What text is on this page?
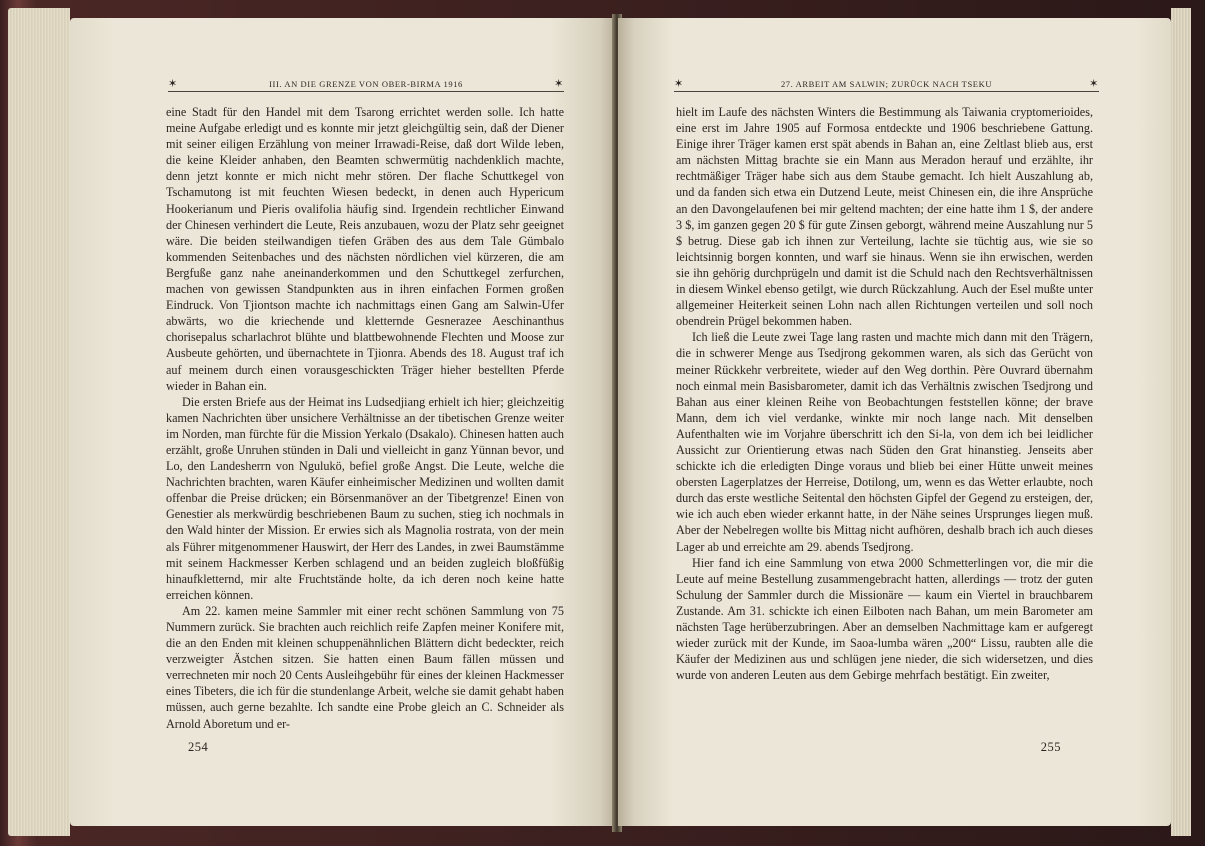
✶	III. AN DIE GRENZE VON OBER-BIRMA 1916	✶

eine Stadt für den Handel mit dem Tsarong errichtet werden solle. Ich hatte meine Aufgabe erledigt und es konnte mir jetzt gleichgültig sein, daß der Diener mit seiner eiligen Erzählung von meiner Irrawadi-Reise, daß dort Wilde leben, die keine Kleider anhaben, den Beamten schwermütig nachdenklich machte, denn jetzt konnte er mich nicht mehr stören. Der flache Schuttkegel von Tschamutong ist mit feuchten Wiesen bedeckt, in denen auch Hypericum Hookerianum und Pieris ovalifolia häufig sind. Irgendein rechtlicher Einwand der Chinesen verhindert die Leute, Reis anzubauen, wozu der Platz sehr geeignet wäre. Die beiden steilwandigen tiefen Gräben des aus dem Tale Gümbalo kommenden Seitenbaches und des nächsten nördlichen viel kürzeren, die am Bergfuße ganz nahe aneinanderkommen und den Schuttkegel zerfurchen, machen von gewissen Standpunkten aus in ihren einfachen Formen großen Eindruck. Von Tjiontson machte ich nachmittags einen Gang am Salwin-Ufer abwärts, wo die kriechende und kletternde Gesnerazee Aeschinanthus chorisepalus scharlachrot blühte und blattbewohnende Flechten und Moose zur Ausbeute gehörten, und übernachtete in Tjionra. Abends des 18. August traf ich auf meinem durch einen vorausgeschickten Träger hieher bestellten Pferde wieder in Bahan ein.

Die ersten Briefe aus der Heimat ins Ludsedjiang erhielt ich hier; gleichzeitig kamen Nachrichten über unsichere Verhältnisse an der tibetischen Grenze weiter im Norden, man fürchte für die Mission Yerkalo (Dsakalo). Chinesen hatten auch erzählt, große Unruhen stünden in Dali und vielleicht in ganz Yünnan bevor, und Lo, den Landesherrn von Ngulukö, befiel große Angst. Die Leute, welche die Nachrichten brachten, waren Käufer einheimischer Medizinen und wollten damit offenbar die Preise drücken; ein Börsenmanöver an der Tibetgrenze! Einen von Genestier als merkwürdig beschriebenen Baum zu suchen, stieg ich nochmals in den Wald hinter der Mission. Er erwies sich als Magnolia rostrata, von der mein als Führer mitgenommener Hauswirt, der Herr des Landes, in zwei Baumstämme mit seinem Hackmesser Kerben schlagend und an beiden zugleich bloßfüßig hinaufkletternd, mir alte Fruchtstände holte, da ich deren noch keine hatte erreichen können.

Am 22. kamen meine Sammler mit einer recht schönen Sammlung von 75 Nummern zurück. Sie brachten auch reichlich reife Zapfen meiner Konifere mit, die an den Enden mit kleinen schuppenähnlichen Blättern dicht bedeckter, reich verzweigter Ästchen sitzen. Sie hatten einen Baum fällen müssen und verrechneten mir noch 20 Cents Ausleihgebühr für eines der kleinen Hackmesser eines Tibeters, die ich für die stundenlange Arbeit, welche sie damit gehabt haben müssen, auch gerne bezahlte. Ich sandte eine Probe gleich an C. Schneider als Arnold Aboretum und er-

254
✶	27. ARBEIT AM SALWIN; ZURÜCK NACH TSEKU	✶

hielt im Laufe des nächsten Winters die Bestimmung als Taiwania cryptomerioides, eine erst im Jahre 1905 auf Formosa entdeckte und 1906 beschriebene Gattung. Einige ihrer Träger kamen erst spät abends in Bahan an, eine Zeltlast blieb aus, erst am nächsten Mittag brachte sie ein Mann aus Meradon herauf und erzählte, ihr rechtmäßiger Träger habe sich aus dem Staube gemacht. Ich hielt Auszahlung ab, und da fanden sich etwa ein Dutzend Leute, meist Chinesen ein, die ihre Ansprüche an den Davongelaufenen bei mir geltend machten; der eine hatte ihm 1 $, der andere 3 $, im ganzen gegen 20 $ für gute Zinsen geborgt, während meine Auszahlung nur 5 $ betrug. Diese gab ich ihnen zur Verteilung, lachte sie tüchtig aus, wie sie so leichtsinnig borgen konnten, und warf sie hinaus. Wenn sie ihn erwischen, werden sie ihn gehörig durchprügeln und damit ist die Schuld nach den Rechtsverhältnissen in diesem Winkel ebenso getilgt, wie durch Rückzahlung. Auch der Esel mußte unter allgemeiner Heiterkeit seinen Lohn nach allen Richtungen verteilen und soll noch obendrein Prügel bekommen haben.

Ich ließ die Leute zwei Tage lang rasten und machte mich dann mit den Trägern, die in schwerer Menge aus Tsedjrong gekommen waren, als sich das Gerücht von meiner Rückkehr verbreitete, wieder auf den Weg dorthin. Père Ouvrard übernahm noch einmal mein Basisbarometer, damit ich das Verhältnis zwischen Tsedjrong und Bahan aus einer kleinen Reihe von Beobachtungen feststellen könne; der brave Mann, dem ich viel verdanke, winkte mir noch lange nach. Mit denselben Aufenthalten wie im Vorjahre überschritt ich den Si-la, von dem ich bei leidlicher Aussicht zur Orientierung etwas nach Süden den Grat hinanstieg. Jenseits aber schickte ich die erledigten Dinge voraus und blieb bei einer Hütte unweit meines obersten Lagerplatzes der Herreise, Dotilong, um, wenn es das Wetter erlaubte, noch durch das erste westliche Seitental den höchsten Gipfel der Gegend zu ersteigen, der, wie ich auch eben wieder erkannt hatte, in der Nähe seines Ursprunges liegen muß. Aber der Nebelregen wollte bis Mittag nicht aufhören, deshalb brach ich auch dieses Lager ab und erreichte am 29. abends Tsedjrong.

Hier fand ich eine Sammlung von etwa 2000 Schmetterlingen vor, die mir die Leute auf meine Bestellung zusammengebracht hatten, allerdings — trotz der guten Schulung der Sammler durch die Missionäre — kaum ein Viertel in brauchbarem Zustande. Am 31. schickte ich einen Eilboten nach Bahan, um mein Barometer am nächsten Tage herüberzubringen. Aber an demselben Nachmittage kam er aufgeregt wieder zurück mit der Kunde, im Saoa-lumba wären „200“ Lissu, raubten alle die Käufer der Medizinen aus und schlügen jene nieder, die sich widersetzen, und dies wurde von anderen Leuten aus dem Gebirge mehrfach bestätigt. Ein zweiter,

255
